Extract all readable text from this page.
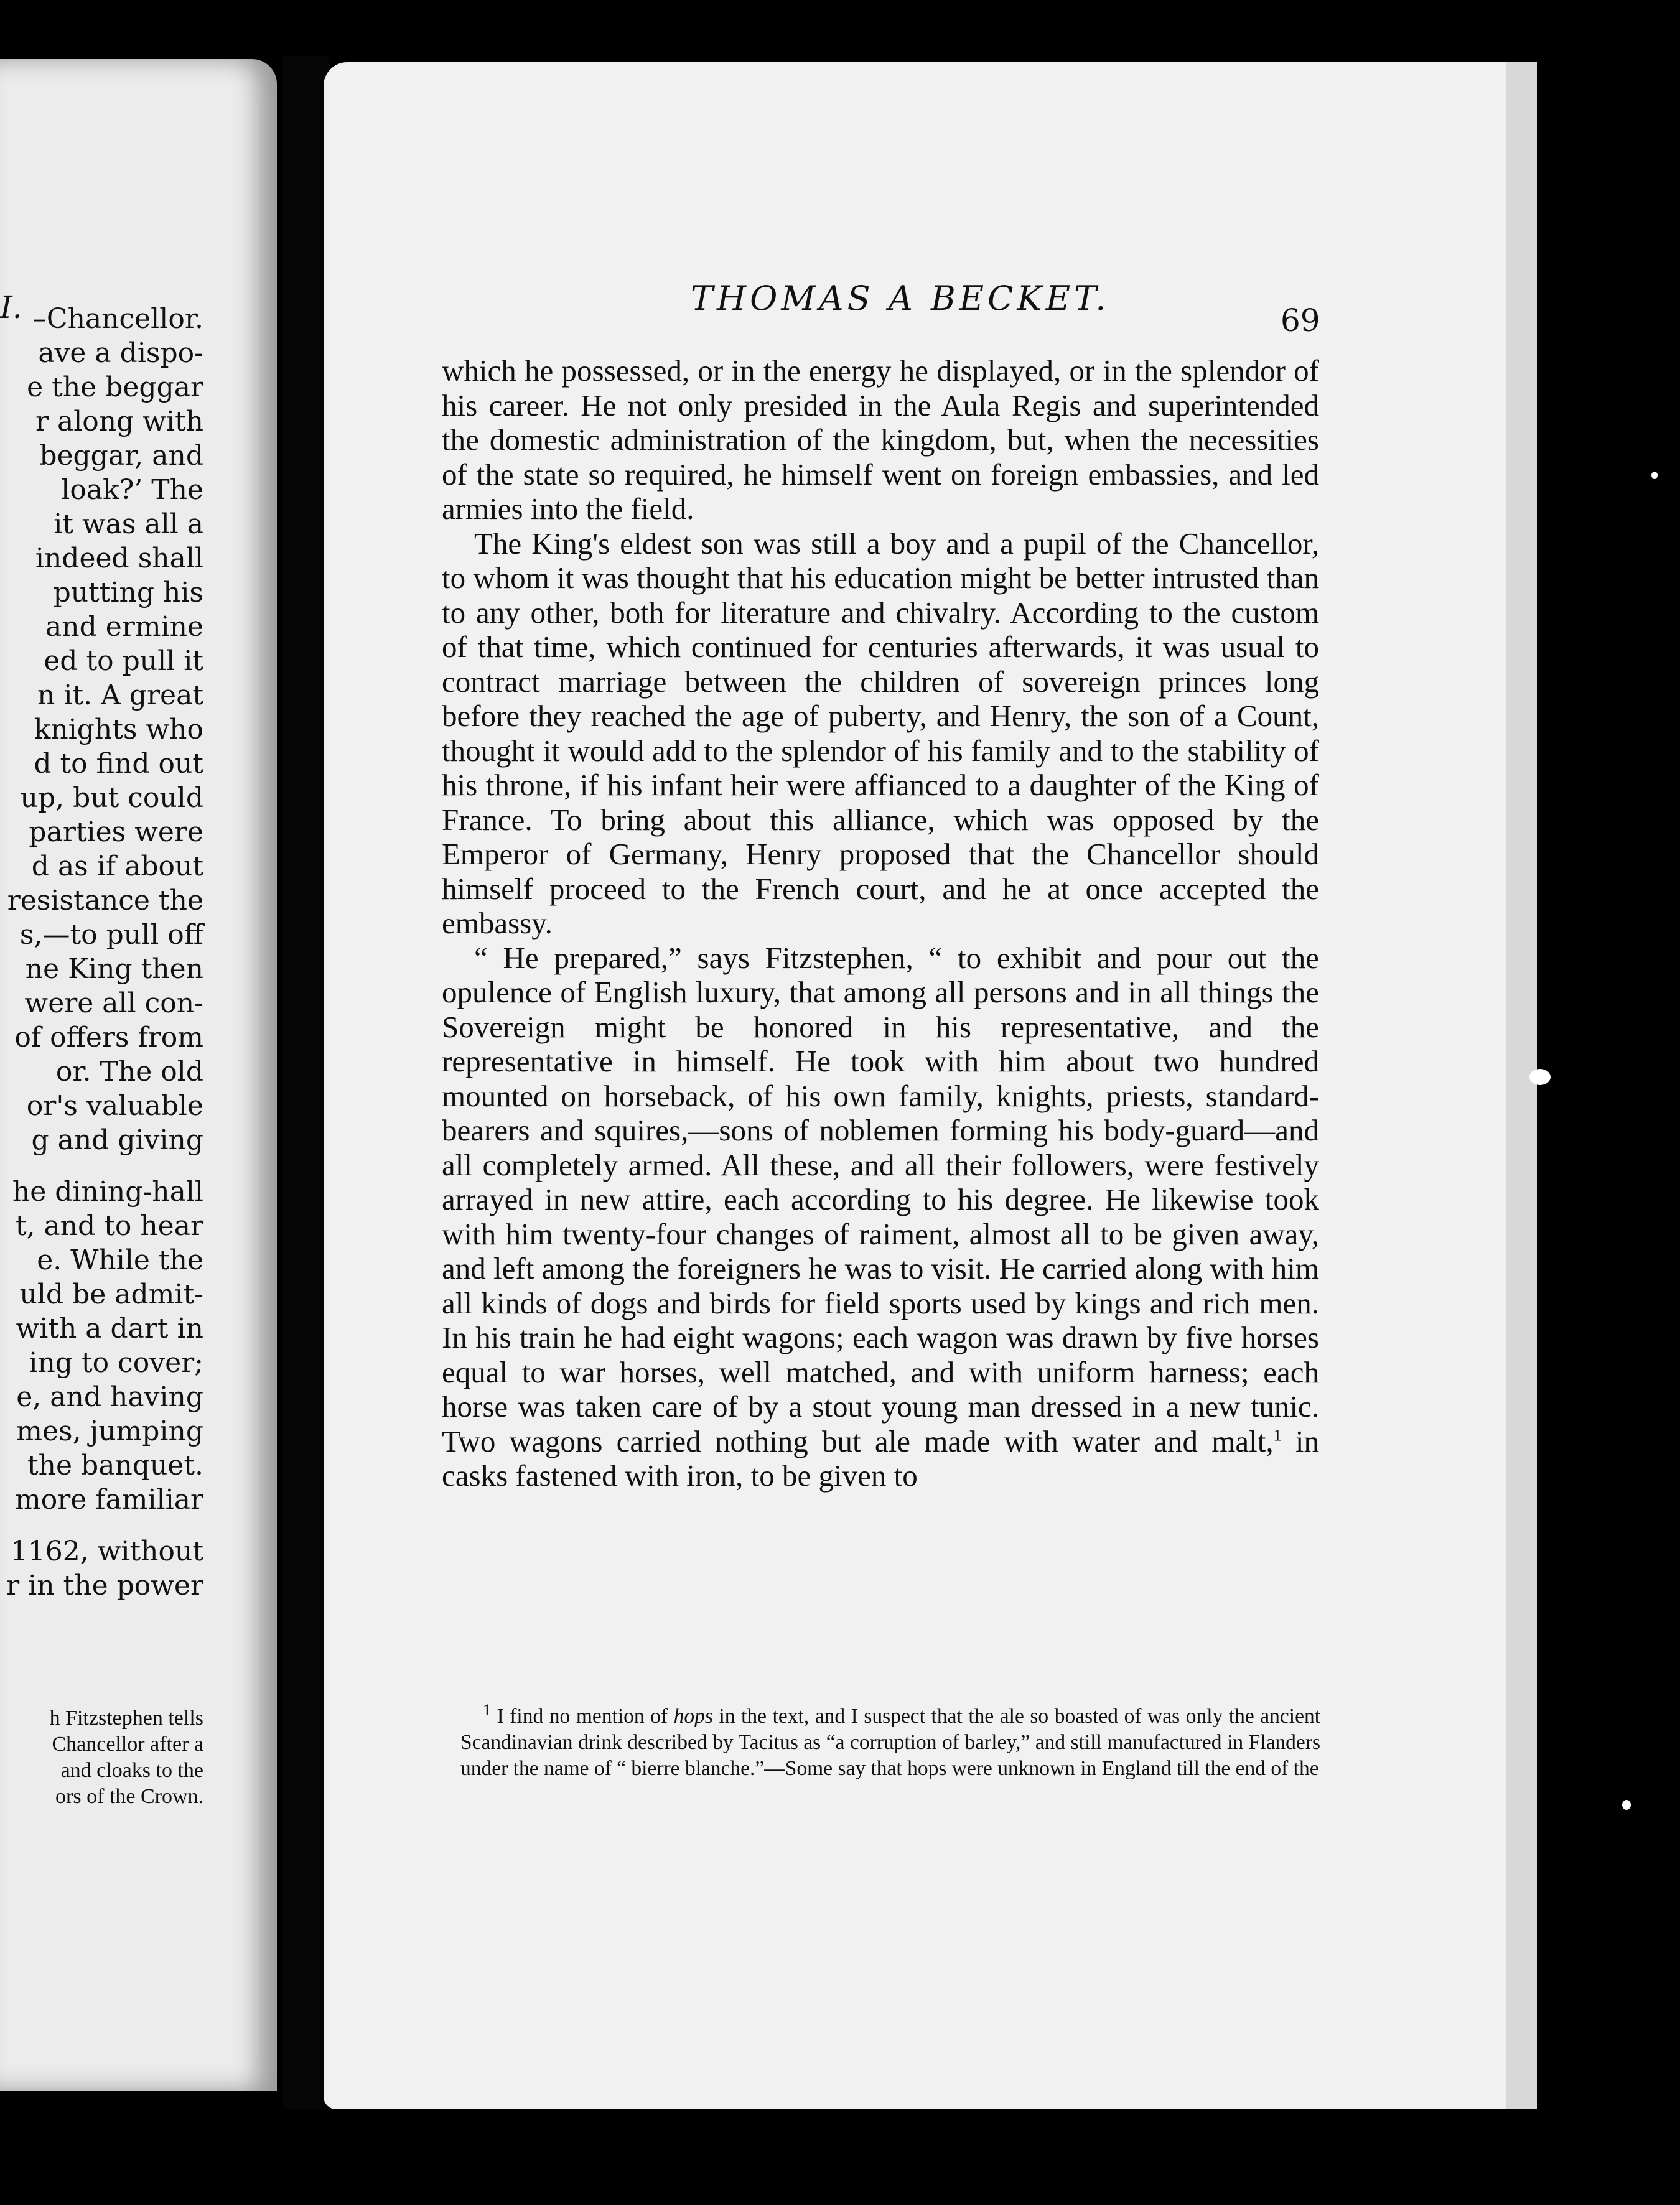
I. –Chancellor.
ave a dispo-
e the beggar
r along with
beggar, and
loak?’ The
it was all a
indeed shall
putting his
and ermine
ed to pull it
n it. A great
knights who
d to find out
up, but could
parties were
d as if about
resistance the
s,—to pull off
ne King then
were all con-
of offers from
or. The old
or's valuable
g and giving
he dining-hall
t, and to hear
e. While the
uld be admit-
with a dart in
ing to cover;
e, and having
mes, jumping
the banquet.
more familiar
1162, without
r in the power
h Fitzstephen tells
Chancellor after a
and cloaks to the
ors of the Crown.
THOMAS A BECKET.
69

which he possessed, or in the energy he displayed, or in the splendor of his career. He not only presided in the Aula Regis and superintended the domestic administration of the kingdom, but, when the necessities of the state so required, he himself went on foreign embassies, and led armies into the field.

The King's eldest son was still a boy and a pupil of the Chancellor, to whom it was thought that his education might be better intrusted than to any other, both for literature and chivalry. According to the custom of that time, which continued for centuries afterwards, it was usual to contract marriage between the children of sovereign princes long before they reached the age of puberty, and Henry, the son of a Count, thought it would add to the splendor of his family and to the stability of his throne, if his infant heir were affianced to a daughter of the King of France. To bring about this alliance, which was opposed by the Emperor of Germany, Henry proposed that the Chancellor should himself proceed to the French court, and he at once accepted the embassy.

“ He prepared,” says Fitzstephen, “ to exhibit and pour out the opulence of English luxury, that among all persons and in all things the Sovereign might be honored in his representative, and the representative in himself. He took with him about two hundred mounted on horseback, of his own family, knights, priests, standard-bearers and squires,—sons of noblemen forming his body-guard—and all completely armed. All these, and all their followers, were festively arrayed in new attire, each according to his degree. He likewise took with him twenty-four changes of raiment, almost all to be given away, and left among the foreigners he was to visit. He carried along with him all kinds of dogs and birds for field sports used by kings and rich men. In his train he had eight wagons; each wagon was drawn by five horses equal to war horses, well matched, and with uniform harness; each horse was taken care of by a stout young man dressed in a new tunic. Two wagons carried nothing but ale made with water and malt,$^1$ in casks fastened with iron, to be given to

$^1$ I find no mention of hops in the text, and I suspect that the ale so boasted of was only the ancient Scandinavian drink described by Tacitus as “a corruption of barley,” and still manufactured in Flanders under the name of “ bierre blanche.”—Some say that hops were unknown in England till the end of the
